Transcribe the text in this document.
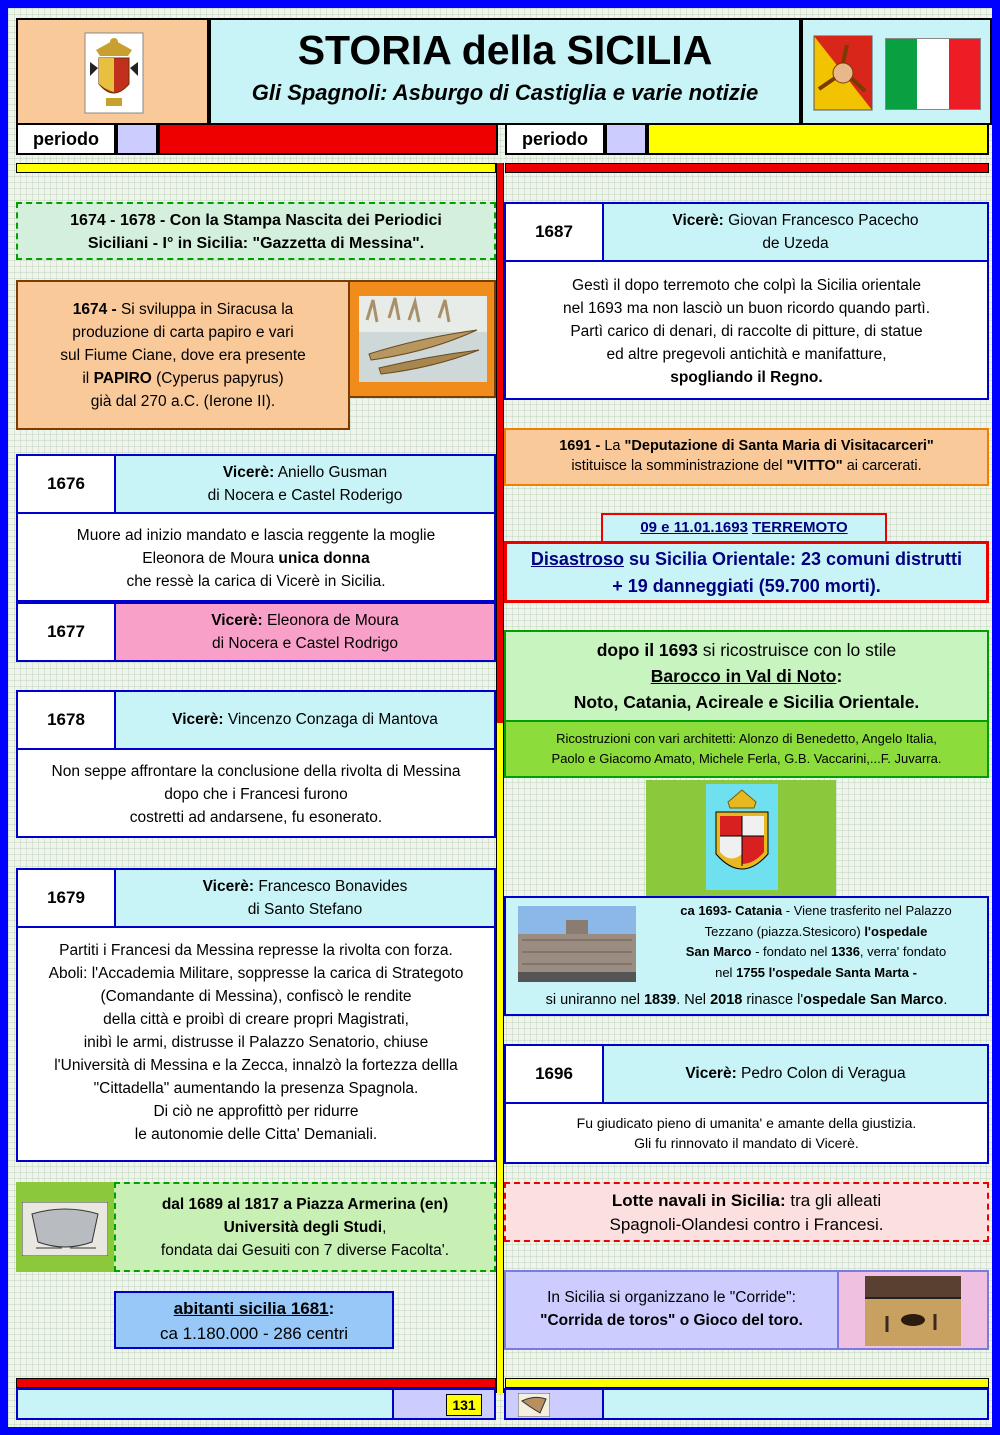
STORIA della SICILIA
Gli Spagnoli: Asburgo di Castiglia e varie notizie
periodo	periodo
1674 - 1678 - Con la Stampa Nascita dei Periodici
Siciliani - I° in Sicilia: "Gazzetta di Messina".
1674 - Si sviluppa in Siracusa la
produzione di carta papiro e vari
sul Fiume Ciane, dove era presente
il PAPIRO (Cyperus papyrus)
già dal 270 a.C. (Ierone II).
1676
Vicerè: Aniello Gusman
di Nocera e Castel Roderigo
Muore ad inizio mandato e lascia reggente la moglie
Eleonora de Moura unica donna
che ressè la carica di Vicerè in Sicilia.
1677
Vicerè: Eleonora de Moura
di Nocera e Castel Rodrigo
1678	Vicerè: Vincenzo Conzaga di Mantova
Non seppe affrontare la conclusione della rivolta di Messina
dopo che i Francesi furono
costretti ad andarsene, fu esonerato.
1679
Vicerè: Francesco Bonavides
di Santo Stefano
Partiti i Francesi da Messina represse la rivolta con forza.
Aboli: l'Accademia Militare, soppresse la carica di Strategoto
(Comandante di Messina), confiscò le rendite
della città e proibì di creare propri Magistrati,
inibì le armi, distrusse il Palazzo Senatorio, chiuse
l'Università di Messina e la Zecca, innalzò la fortezza dellla
"Cittadella" aumentando la presenza Spagnola.
Di ciò ne approfittò per ridurre
le autonomie delle Citta' Demaniali.
dal 1689 al 1817 a Piazza Armerina (en)
Università degli Studi,
fondata dai Gesuiti con 7 diverse Facolta'.
abitanti sicilia 1681:
ca 1.180.000 - 286 centri
1687
Vicerè: Giovan Francesco Pacecho
de Uzeda
Gestì il dopo terremoto che colpì la Sicilia orientale
nel 1693 ma non lasciò un buon ricordo quando partì.
Partì carico di denari, di raccolte di pitture, di statue
ed altre pregevoli antichità e manifatture,
spogliando il Regno.
1691 - La "Deputazione di Santa Maria di Visitacarceri"
istituisce la somministrazione del "VITTO" ai carcerati.
09 e 11.01.1693 TERREMOTO
Disastroso su Sicilia Orientale: 23 comuni distrutti
+ 19 danneggiati (59.700 morti).
dopo il 1693 si ricostruisce con lo stile
Barocco in Val di Noto:
Noto, Catania, Acireale e Sicilia Orientale.
Ricostruzioni con vari architetti: Alonzo di Benedetto, Angelo Italia,
Paolo e Giacomo Amato, Michele Ferla, G.B. Vaccarini,...F. Juvarra.
ca 1693- Catania - Viene trasferito nel Palazzo
Tezzano (piazza.Stesicoro) l'ospedale
San Marco - fondato nel 1336, verra' fondato
nel 1755 l'ospedale Santa Marta -
si uniranno nel 1839. Nel 2018 rinasce l'ospedale San Marco.
1696	Vicerè: Pedro Colon di Veragua
Fu giudicato pieno di umanita' e amante della giustizia.
Gli fu rinnovato il mandato di Vicerè.
Lotte navali in Sicilia: tra gli alleati
Spagnoli-Olandesi contro i Francesi.
In Sicilia si organizzano le "Corride":
"Corrida de toros" o Gioco del toro.
131
